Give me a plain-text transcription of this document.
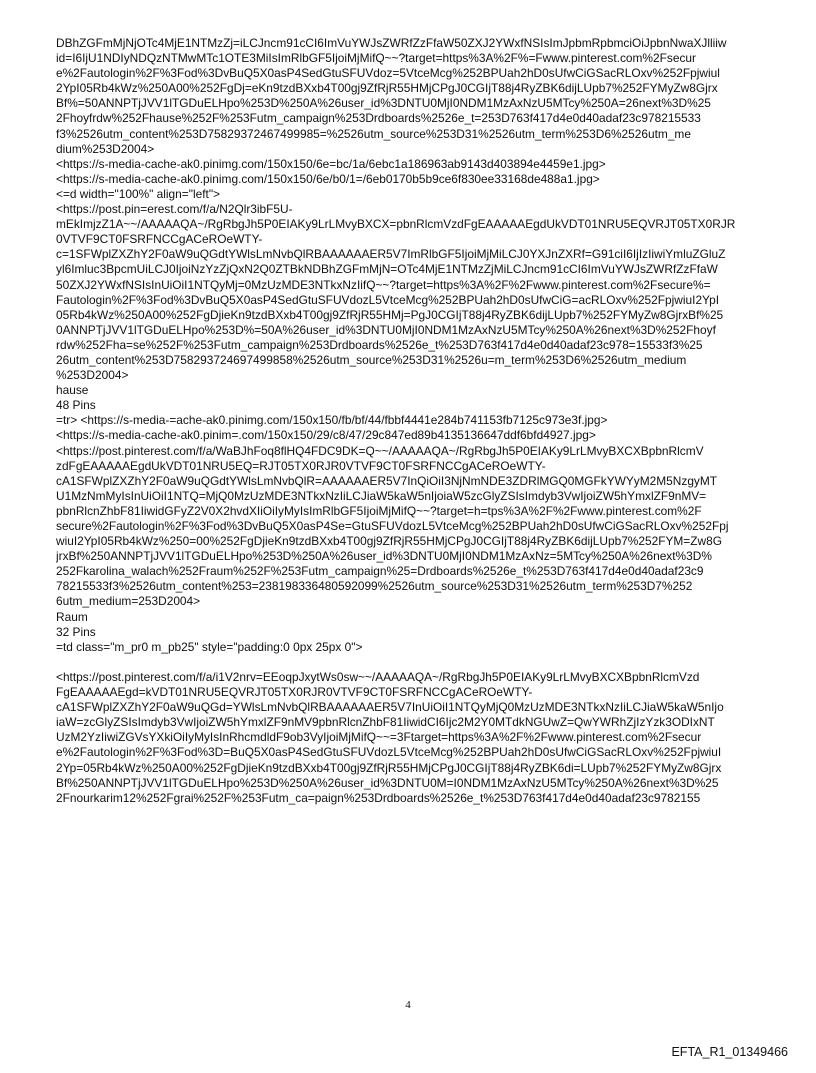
DBhZGFmMjNjOTc4MjE1NTMzZj=iLCJncm91cCI6ImVuYWJsZWRfZzFfaW50ZXJ2YWxfNSIsImJpbmRpbmciOiJpbnNwaXJlliiw
id=I6IjU1NDIyNDQzNTMwMTc1OTE3MiIsImRlbGF5IjoiMjMifQ~~?target=https%3A%2F%=Fwww.pinterest.com%2Fsecur
e%2Fautologin%2F%3Fod%3DvBuQ5X0asP4SedGtuSFUVdoz=5VtceMcg%252BPUah2hD0sUfwCiGSacRLOxv%252Fpjwiul
2YpI05Rb4kWz%250A00%252FgDj=eKn9tzdBXxb4T00gj9ZfRjR55HMjCPgJ0CGIjT88j4RyZBK6dijLUpb7%252FYMyZw8Gjrx
Bf%=50ANNPTjJVV1lTGDuELHpo%253D%250A%26user_id%3DNTU0MjI0NDM1MzAxNzU5MTcy%250A=26next%3D%25
2Fhoyfrdw%252Fhause%252F%253Futm_campaign%253Drdboards%2526e_t=253D763f417d4e0d40adaf23c978215533
f3%2526utm_content%253D75829372467499985=%2526utm_source%253D31%2526utm_term%253D6%2526utm_me
dium%253D2004>
<https://s-media-cache-ak0.pinimg.com/150x150/6e=bc/1a/6ebc1a186963ab9143d403894e4459e1.jpg>
<https://s-media-cache-ak0.pinimg.com/150x150/6e/b0/1=/6eb0170b5b9ce6f830ee33168de488a1.jpg>
<=d width="100%" align="left">
<https://post.pin=erest.com/f/a/N2Qlr3ibF5U-
mEkImjzZ1A~~/AAAAAQA~/RgRbgJh5P0EIAKy9LrLMvyBXCX=pbnRlcmVzdFgEAAAAAEgdUkVDT01NRU5EQVRJT05TX0RJR
0VTVF9CT0FSRFNCCgACeROeWTY-
c=1SFWplZXZhY2F0aW9uQGdtYWlsLmNvbQlRBAAAAAAER5V7ImRlbGF5IjoiMjMiLCJ0YXJnZXRf=G91ciI6IjIzIiwiYmluZGluZ
yl6Imluc3BpcmUiLCJ0IjoiNzYzZjQxN2Q0ZTBkNDBhZGFmMjN=OTc4MjE1NTMzZjMiLCJncm91cCI6ImVuYWJsZWRfZzFfaW
50ZXJ2YWxfNSIsInUiOiI1NTQyMj=0MzUzMDE3NTkxNzIifQ~~?target=https%3A%2F%2Fwww.pinterest.com%2Fsecure%=
Fautologin%2F%3Fod%3DvBuQ5X0asP4SedGtuSFUVdozL5VtceMcg%252BPUah2hD0sUfwCiG=acRLOxv%252FpjwiuI2YpI
05Rb4kWz%250A00%252FgDjieKn9tzdBXxb4T00gj9ZfRjR55HMj=PgJ0CGIjT88j4RyZBK6dijLUpb7%252FYMyZw8GjrxBf%25
0ANNPTjJVV1lTGDuELHpo%253D%=50A%26user_id%3DNTU0MjI0NDM1MzAxNzU5MTcy%250A%26next%3D%252Fhoyf
rdw%252Fha=se%252F%253Futm_campaign%253Drdboards%2526e_t%253D763f417d4e0d40adaf23c978=15533f3%25
26utm_content%253D758293724697499858%2526utm_source%253D31%2526u=m_term%253D6%2526utm_medium
%253D2004>
hause
48 Pins
=tr> <https://s-media-=ache-ak0.pinimg.com/150x150/fb/bf/44/fbbf4441e284b741153fb7125c973e3f.jpg>
<https://s-media-cache-ak0.pinim=.com/150x150/29/c8/47/29c847ed89b4135136647ddf6bfd4927.jpg>
<https://post.pinterest.com/f/a/WaBJhFoq8flHQ4FDC9DK=Q~~/AAAAAQA~/RgRbgJh5P0EIAKy9LrLMvyBXCXBpbnRlcmV
zdFgEAAAAAEgdUkVDT01NRU5EQ=RJT05TX0RJR0VTVF9CT0FSRFNCCgACeROeWTY-
cA1SFWplZXZhY2F0aW9uQGdtYWlsLmNvbQlR=AAAAAAER5V7InQiOiI3NjNmNDE3ZDRlMGQ0MGFkYWYyM2M5NzgyMT
U1MzNmMyIsInUiOiI1NTQ=MjQ0MzUzMDE3NTkxNzIiLCJiaW5kaW5nIjoiaW5zcGlyZSIsImdyb3VwIjoiZW5hYmxlZF9nMV=
pbnRlcnZhbF81IiwidGFyZ2V0X2hvdXIiOiIyMyIsImRlbGF5IjoiMjMifQ~~?target=h=tps%3A%2F%2Fwww.pinterest.com%2F
secure%2Fautologin%2F%3Fod%3DvBuQ5X0asP4Se=GtuSFUVdozL5VtceMcg%252BPUah2hD0sUfwCiGSacRLOxv%252Fpj
wiuI2YpI05Rb4kWz%250=00%252FgDjieKn9tzdBXxb4T00gj9ZfRjR55HMjCPgJ0CGIjT88j4RyZBK6dijLUpb7%252FYM=Zw8G
jrxBf%250ANNPTjJVV1lTGDuELHpo%253D%250A%26user_id%3DNTU0MjI0NDM1MzAxNz=5MTcy%250A%26next%3D%
252Fkarolina_walach%252Fraum%252F%253Futm_campaign%25=Drdboards%2526e_t%253D763f417d4e0d40adaf23c9
78215533f3%2526utm_content%253=238198336480592099%2526utm_source%253D31%2526utm_term%253D7%252
6utm_medium=253D2004>
Raum
32 Pins
=td class="m_pr0 m_pb25" style="padding:0 0px 25px 0">
<https://post.pinterest.com/f/a/i1V2nrv=EEoqpJxytWs0sw~~/AAAAAQA~/RgRbgJh5P0EIAKy9LrLMvyBXCXBpbnRlcmVzd
FgEAAAAAEgd=kVDT01NRU5EQVRJT05TX0RJR0VTVF9CT0FSRFNCCgACeROeWTY-
cA1SFWplZXZhY2F0aW9uQGd=YWlsLmNvbQlRBAAAAAAER5V7InUiOiI1NTQyMjQ0MzUzMDE3NTkxNzIiLCJiaW5kaW5nIjo
iaW=zcGlyZSIsImdyb3VwIjoiZW5hYmxlZF9nMV9pbnRlcnZhbF81IiwidCI6Ijc2M2Y0MTdkNGUwZ=QwYWRhZjIzYzk3ODIxNT
UzM2YzIiwiZGVsYXkiOiIyMyIsInRhcmdldF9ob3VyIjoiMjMifQ~~=3Ftarget=https%3A%2F%2Fwww.pinterest.com%2Fsecur
e%2Fautologin%2F%3Fod%3D=BuQ5X0asP4SedGtuSFUVdozL5VtceMcg%252BPUah2hD0sUfwCiGSacRLOxv%252FpjwiuI
2Yp=05Rb4kWz%250A00%252FgDjieKn9tzdBXxb4T00gj9ZfRjR55HMjCPgJ0CGIjT88j4RyZBK6di=LUpb7%252FYMyZw8Gjrx
Bf%250ANNPTjJVV1lTGDuELHpo%253D%250A%26user_id%3DNTU0M=I0NDM1MzAxNzU5MTcy%250A%26next%3D%25
2Fnourkarim12%252Fgrai%252F%253Futm_ca=paign%253Drdboards%2526e_t%253D763f417d4e0d40adaf23c9782155
4
EFTA_R1_01349466
